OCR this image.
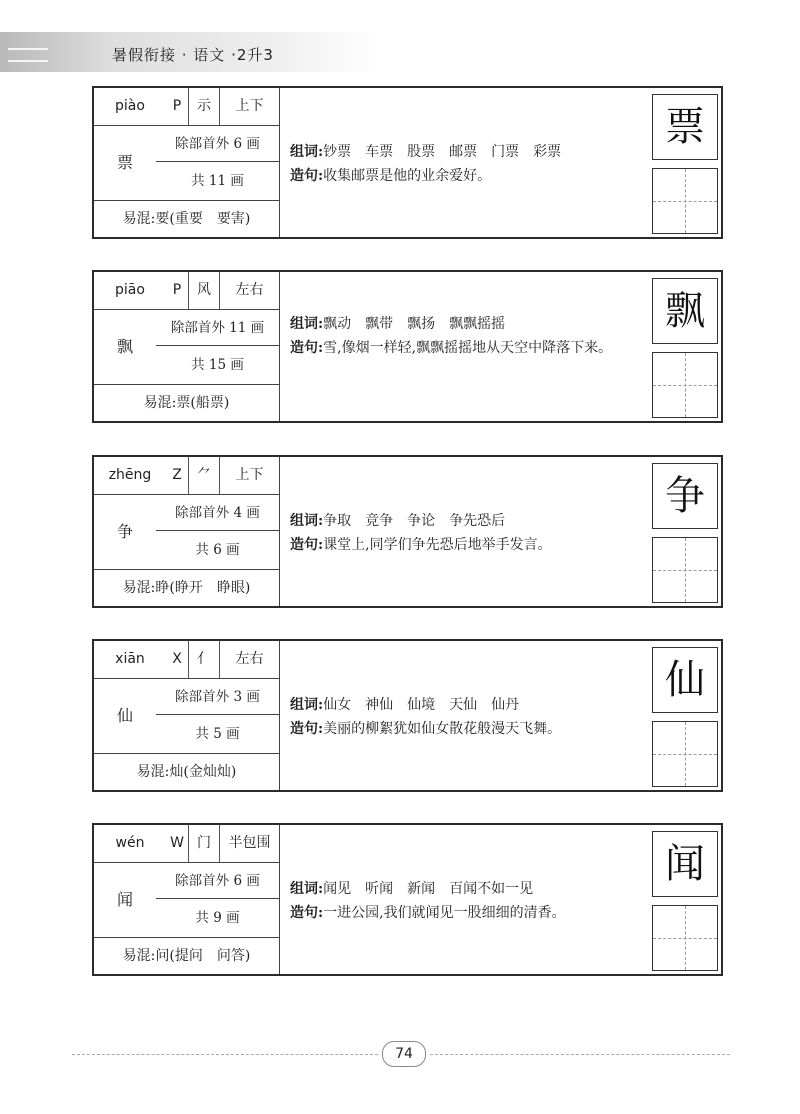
暑假衔接 · 语文 ·2升3
piào	P	示	上下
票
除部首外 6 画
共 11 画
易混:要(重要　要害)
组词:钞票　车票　股票　邮票　门票　彩票
造句:收集邮票是他的业余爱好。
票
piāo	P	风	左右
飘
除部首外 11 画
共 15 画
易混:票(船票)
组词:飘动　飘带　飘扬　飘飘摇摇
造句:雪,像烟一样轻,飘飘摇摇地从天空中降落下来。
飘
zhēng	Z	⺈	上下
争
除部首外 4 画
共 6 画
易混:睁(睁开　睁眼)
组词:争取　竞争　争论　争先恐后
造句:课堂上,同学们争先恐后地举手发言。
争
xiān	X	亻	左右
仙
除部首外 3 画
共 5 画
易混:灿(金灿灿)
组词:仙女　神仙　仙境　天仙　仙丹
造句:美丽的柳絮犹如仙女散花般漫天飞舞。
仙
wén	W 门	半包围
闻
除部首外 6 画
共 9 画
易混:问(提问　问答)
组词:闻见　听闻　新闻　百闻不如一见
造句:一进公园,我们就闻见一股细细的清香。
闻
74
